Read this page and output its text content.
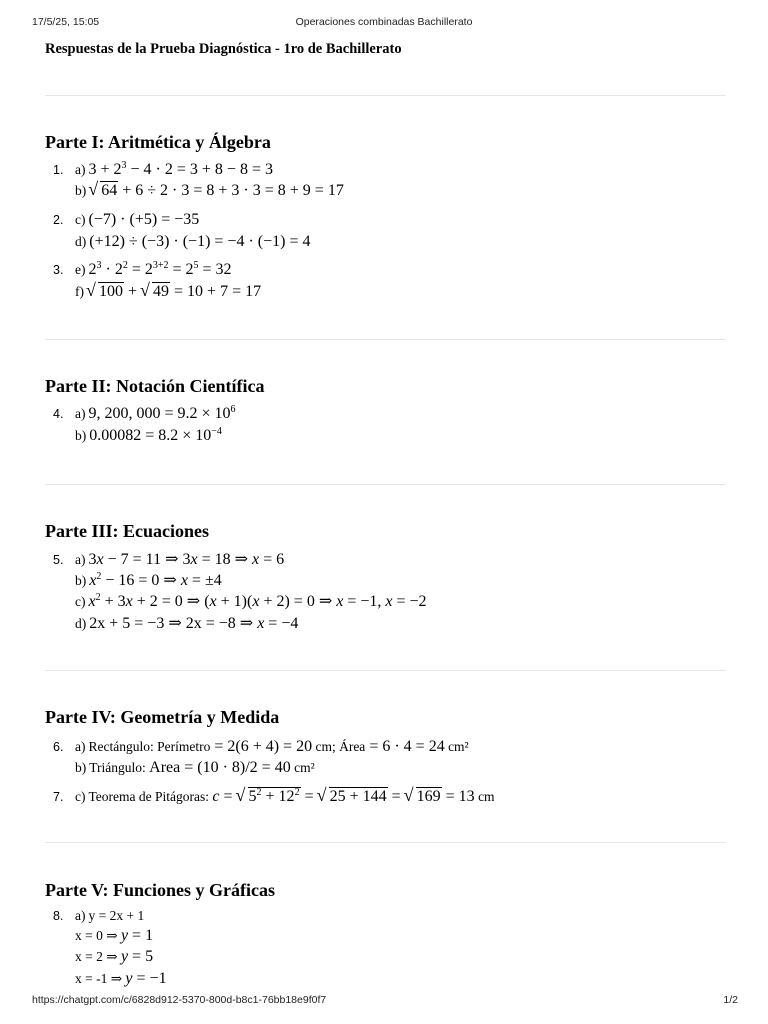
17/5/25, 15:05	Operaciones combinadas Bachillerato
https://chatgpt.com/c/6828d912-5370-800d-b8c1-76bb18e9f0f7	1/2
Respuestas de la Prueba Diagnóstica - 1ro de Bachillerato
Parte I: Aritmética y Álgebra
1. a) $3 + 2^3 - 4 \cdot 2 = 3 + 8 - 8 = 3$
b) √ 64 + 6 ÷ 2 · 3 = 8 + 3 · 3 = 8 + 9 = 17
2. c) (−7) · (+5) = −35
d) (+12) ÷ (−3) · (−1) = −4 · (−1) = 4
3. e) $2^3 \cdot 2^2 = 2^{3+2} = 2^5 = 32$
f) √ 100 + √ 49 = 10 + 7 = 17
Parte II: Notación Científica
4. a) 9, 200, $000 = 9.2 \times 10^6$
b) $0.00082 = 8.2 \times 10^{-4}$
Parte III: Ecuaciones
5. a) 3x − 7 = 11 ⇒ 3x = 18 ⇒ x = 6
b) $x^2 - 16 = 0$ ⇒ x = ±4
c) $x^2 + 3x + 2 = 0$ ⇒ (x + 1)(x + 2) = 0 ⇒ x = −1, x = −2
d) 2x + 5 = −3 ⇒ 2x = −8 ⇒ x = −4
Parte IV: Geometría y Medida
6. a) Rectángulo: Perímetro = 2(6 + 4) = 20 cm; Área = 6 · 4 = 24 cm²
b) Triángulo: Area = (10 · 8)/2 = 40 cm²
7. c) Teorema de Pitágoras: c = √ $5^2 + 12^2$ = √ 25 + 144 = √ 169 = 13 cm
Parte V: Funciones y Gráficas
8. a) y = 2x + 1
x = 0 ⇒ y = 1
x = 2 ⇒ y = 5
x = -1 ⇒ y = −1
